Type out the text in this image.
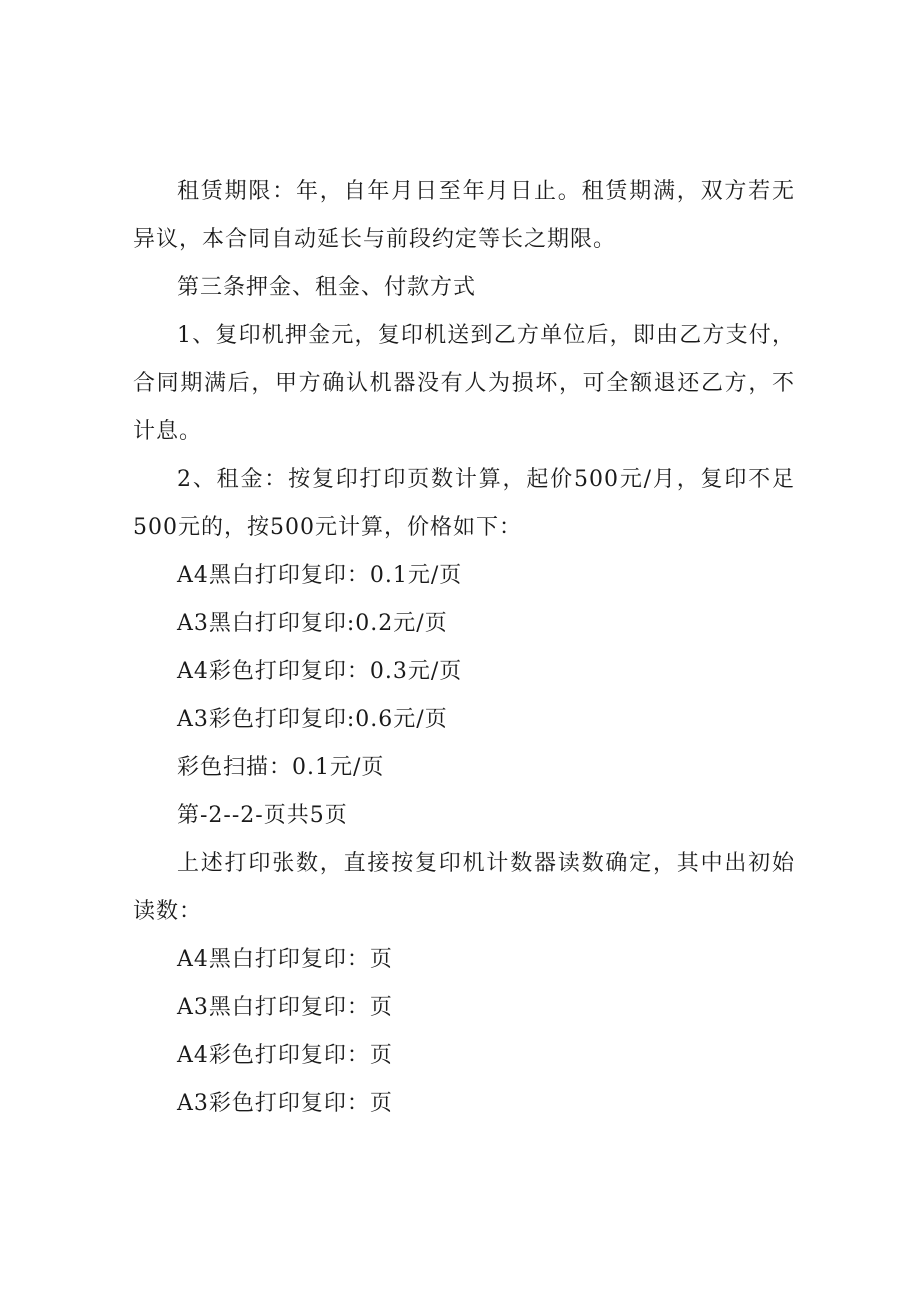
租赁期限：年，自年月日至年月日止。租赁期满，双方若无异议，本合同自动延长与前段约定等长之期限。

第三条押金、租金、付款方式

1、复印机押金元，复印机送到乙方单位后，即由乙方支付，合同期满后，甲方确认机器没有人为损坏，可全额退还乙方，不计息。

2、租金：按复印打印页数计算，起价500元/月，复印不足500元的，按500元计算，价格如下：

A4黑白打印复印：0.1元/页

A3黑白打印复印:0.2元/页

A4彩色打印复印：0.3元/页

A3彩色打印复印:0.6元/页

彩色扫描：0.1元/页

第-2--2-页共5页

上述打印张数，直接按复印机计数器读数确定，其中出初始读数：

A4黑白打印复印：页

A3黑白打印复印：页

A4彩色打印复印：页

A3彩色打印复印：页
